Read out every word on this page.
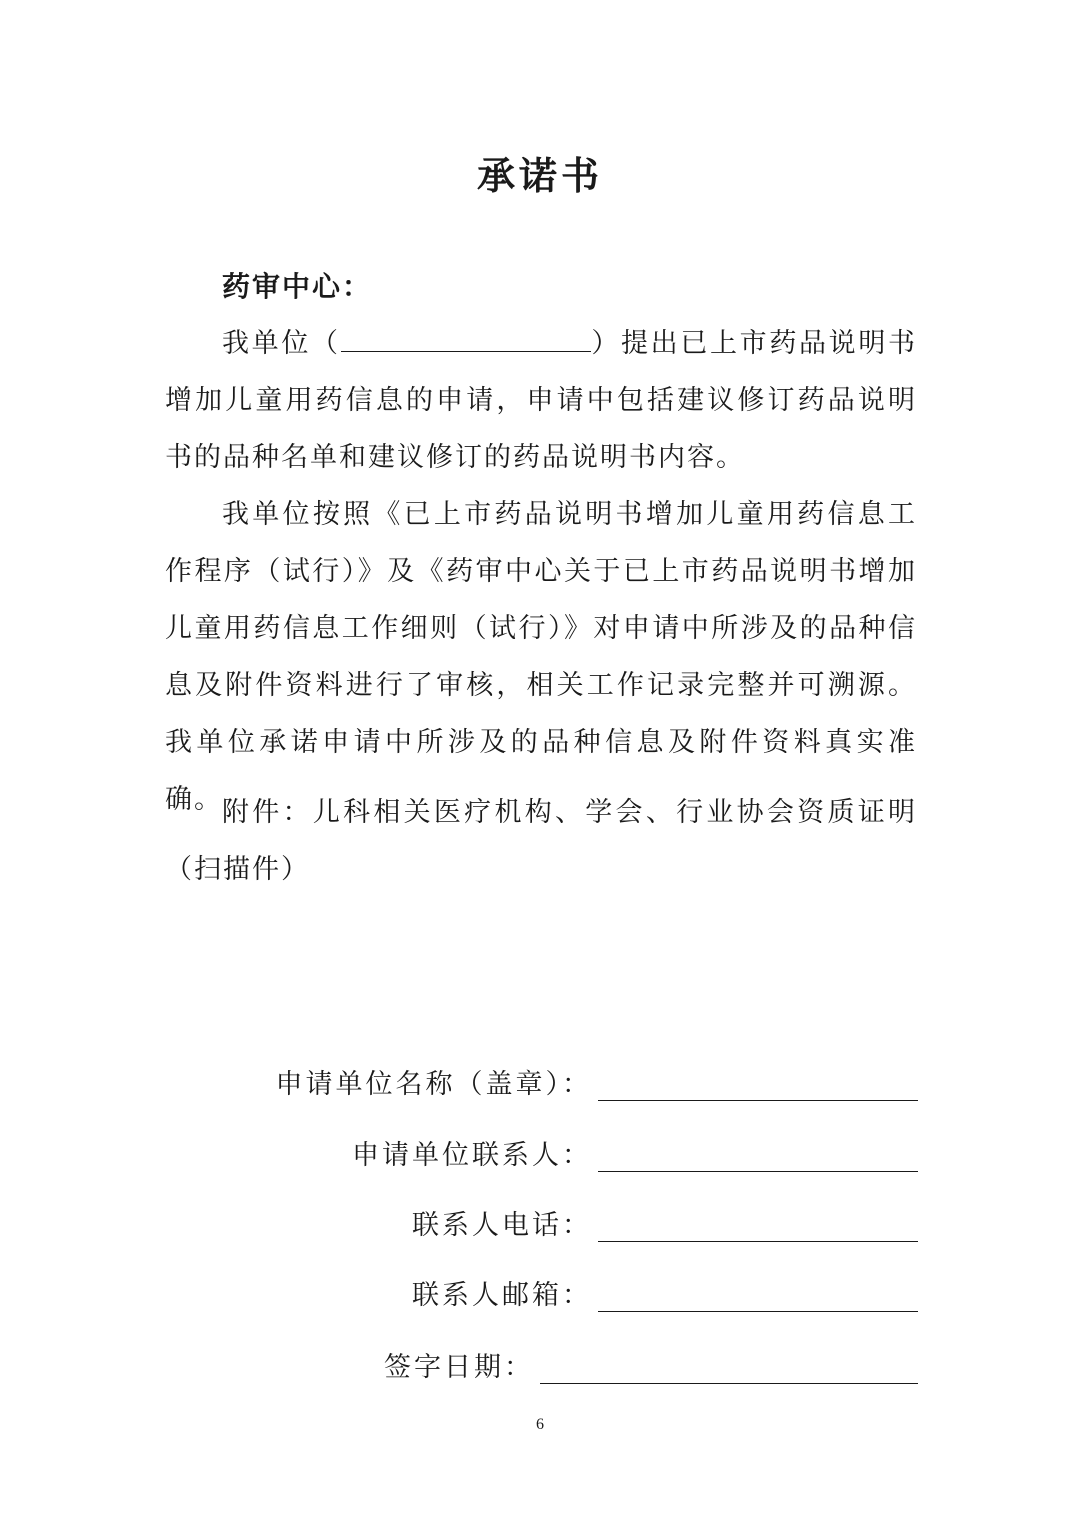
承诺书
药审中心：
我单位（	）提出已上市药品说明书增加儿童用药信息的申请，申请中包括建议修订药品说明书的品种名单和建议修订的药品说明书内容。
我单位按照《已上市药品说明书增加儿童用药信息工作程序（试行）》及《药审中心关于已上市药品说明书增加儿童用药信息工作细则（试行）》对申请中所涉及的品种信息及附件资料进行了审核，相关工作记录完整并可溯源。我单位承诺申请中所涉及的品种信息及附件资料真实准确。 附件：儿科相关医疗机构、学会、行业协会资质证明（扫描件）
申请单位名称（盖章）：
申请单位联系人：
联系人电话：
联系人邮箱：
签字日期：
6
